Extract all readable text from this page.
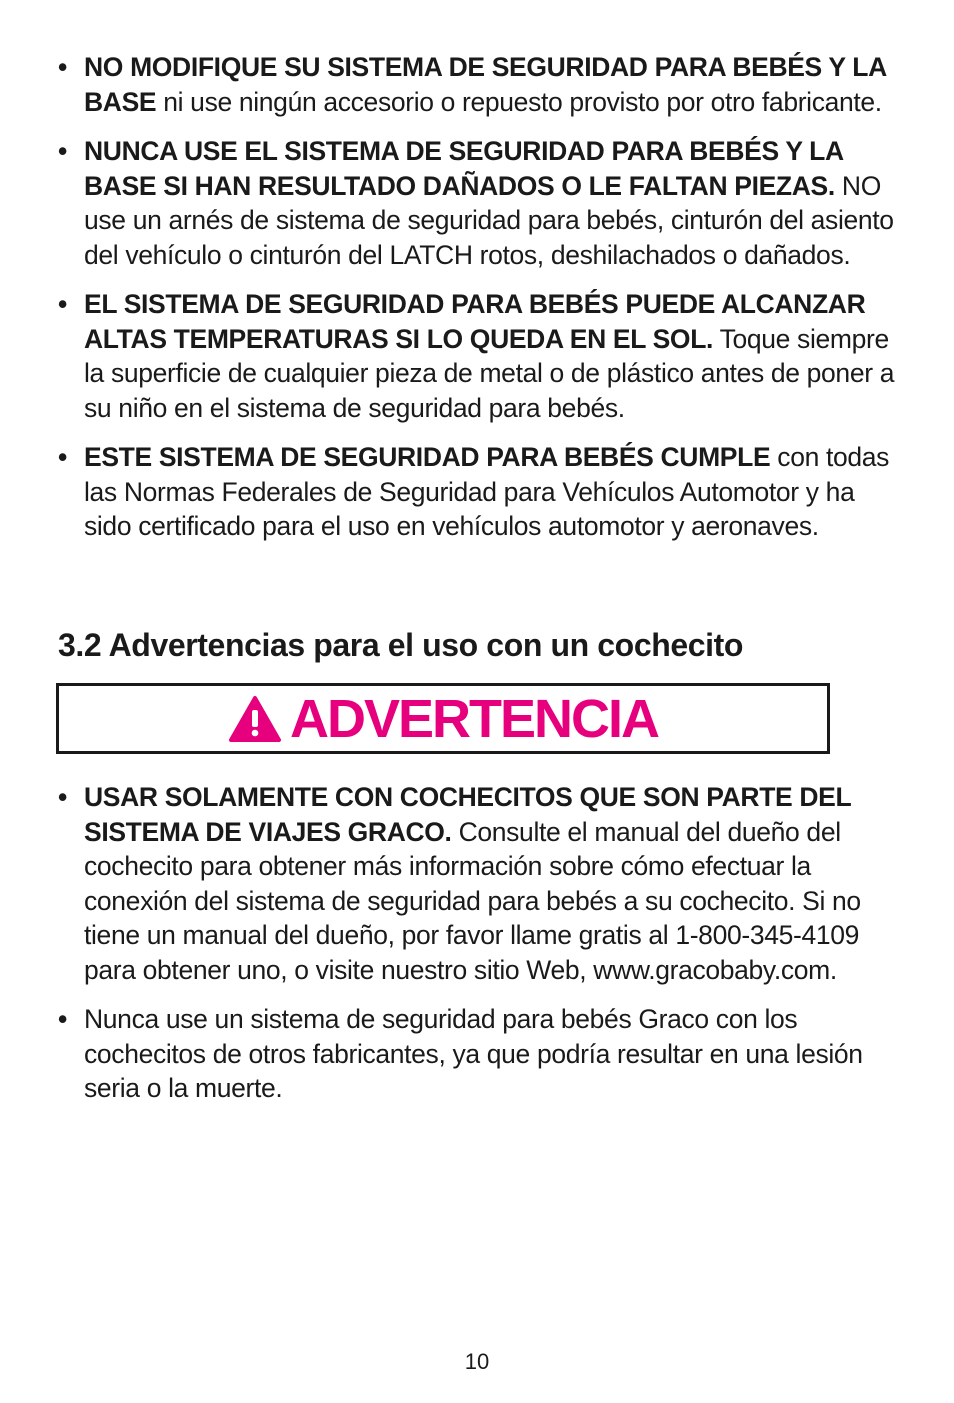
• NO MODIFIQUE SU SISTEMA DE SEGURIDAD PARA BEBÉS Y LA BASE ni use ningún accesorio o repuesto provisto por otro fabricante.
• NUNCA USE EL SISTEMA DE SEGURIDAD PARA BEBÉS Y LA BASE SI HAN RESULTADO DAÑADOS O LE FALTAN PIEZAS. NO use un arnés de sistema de seguridad para bebés, cinturón del asiento del vehículo o cinturón del LATCH rotos, deshilachados o dañados.
• EL SISTEMA DE SEGURIDAD PARA BEBÉS PUEDE ALCANZAR ALTAS TEMPERATURAS SI LO QUEDA EN EL SOL. Toque siempre la superficie de cualquier pieza de metal o de plástico antes de poner a su niño en el sistema de seguridad para bebés.
• ESTE SISTEMA DE SEGURIDAD PARA BEBÉS CUMPLE con todas las Normas Federales de Seguridad para Vehículos Automotor y ha sido certificado para el uso en vehículos automotor y aeronaves.
3.2 Advertencias para el uso con un cochecito
ADVERTENCIA
• USAR SOLAMENTE CON COCHECITOS QUE SON PARTE DEL SISTEMA DE VIAJES GRACO. Consulte el manual del dueño del cochecito para obtener más información sobre cómo efectuar la conexión del sistema de seguridad para bebés a su cochecito. Si no tiene un manual del dueño, por favor llame gratis al 1-800-345-4109 para obtener uno, o visite nuestro sitio Web, www.gracobaby.com.
• Nunca use un sistema de seguridad para bebés Graco con los cochecitos de otros fabricantes, ya que podría resultar en una lesión seria o la muerte.
10
